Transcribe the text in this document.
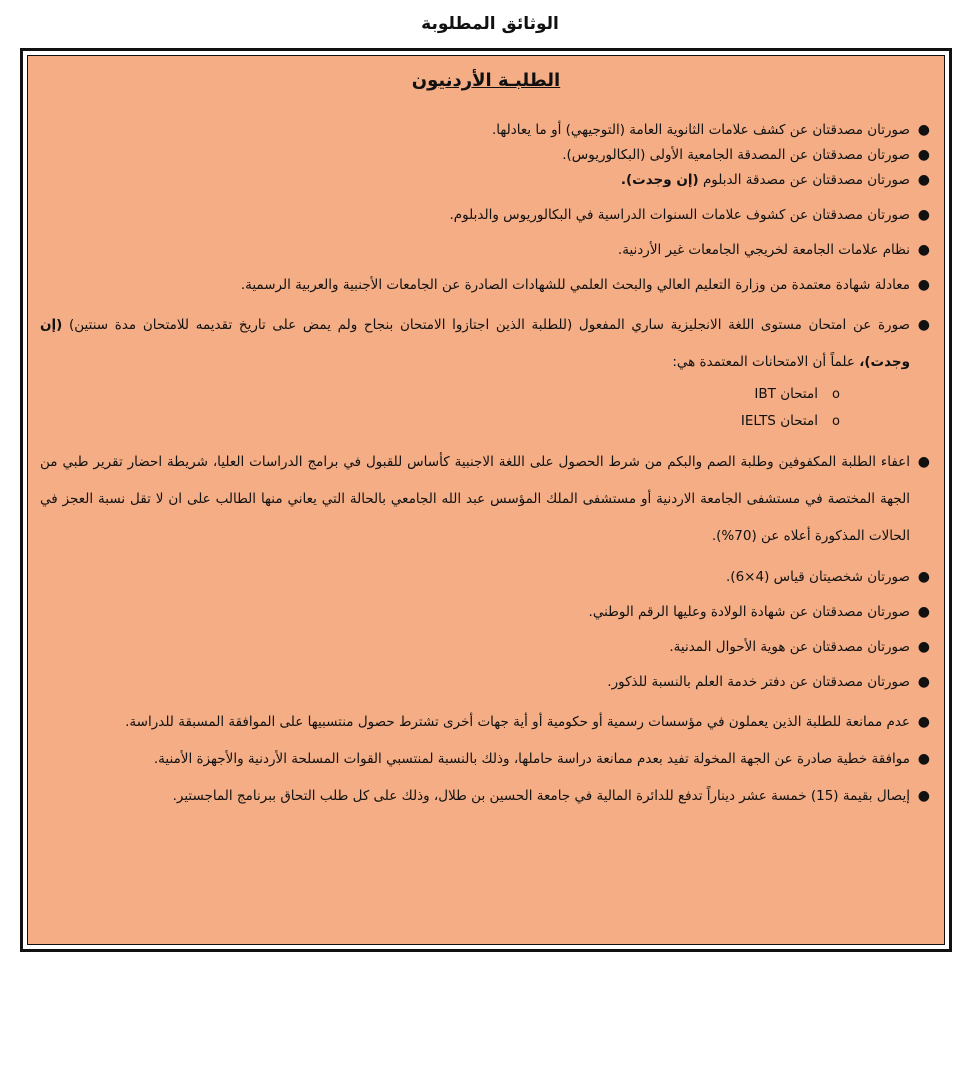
الوثائق المطلوبة
الطلبـة الأردنيون
●
صورتان مصدقتان عن كشف علامات الثانوية العامة (التوجيهي) أو ما يعادلها.
●
صورتان مصدقتان عن المصدقة الجامعية الأولى (البكالوريوس).
●
صورتان مصدقتان عن مصدقة الدبلوم (إن وجدت).
●
صورتان مصدقتان عن كشوف علامات السنوات الدراسية في البكالوريوس والدبلوم.
●
نظام علامات الجامعة لخريجي الجامعات غير الأردنية.
●
معادلة شهادة معتمدة من وزارة التعليم العالي والبحث العلمي للشهادات الصادرة عن الجامعات الأجنبية والعربية الرسمية.
●
صورة عن امتحان مستوى اللغة الانجليزية ساري المفعول (للطلبة الذين اجتازوا الامتحان بنجاح ولم يمض على تاريخ تقديمه للامتحان مدة سنتين) (إن وجدت)، علماً أن الامتحانات المعتمدة هي:
o
امتحان IBT
o
امتحان IELTS
●
اعفاء الطلبة المكفوفين وطلبة الصم والبكم من شرط الحصول على اللغة الاجنبية كأساس للقبول في برامج الدراسات العليا، شريطة احضار تقرير طبي من الجهة المختصة في مستشفى الجامعة الاردنية أو مستشفى الملك المؤسس عبد الله الجامعي بالحالة التي يعاني منها الطالب على ان لا تقل نسبة العجز في الحالات المذكورة أعلاه عن (70%).
●
صورتان شخصيتان قياس (4×6).
●
صورتان مصدقتان عن شهادة الولادة وعليها الرقم الوطني.
●
صورتان مصدقتان عن هوية الأحوال المدنية.
●
صورتان مصدقتان عن دفتر خدمة العلم بالنسبة للذكور.
●
عدم ممانعة للطلبة الذين يعملون في مؤسسات رسمية أو حكومية أو أية جهات أخرى تشترط حصول منتسبيها على الموافقة المسبقة للدراسة.
●
موافقة خطية صادرة عن الجهة المخولة تفيد بعدم ممانعة دراسة حاملها، وذلك بالنسبة لمنتسبي القوات المسلحة الأردنية والأجهزة الأمنية.
●
إيصال بقيمة (15) خمسة عشر ديناراً تدفع للدائرة المالية في جامعة الحسين بن طلال، وذلك على كل طلب التحاق ببرنامج الماجستير.
